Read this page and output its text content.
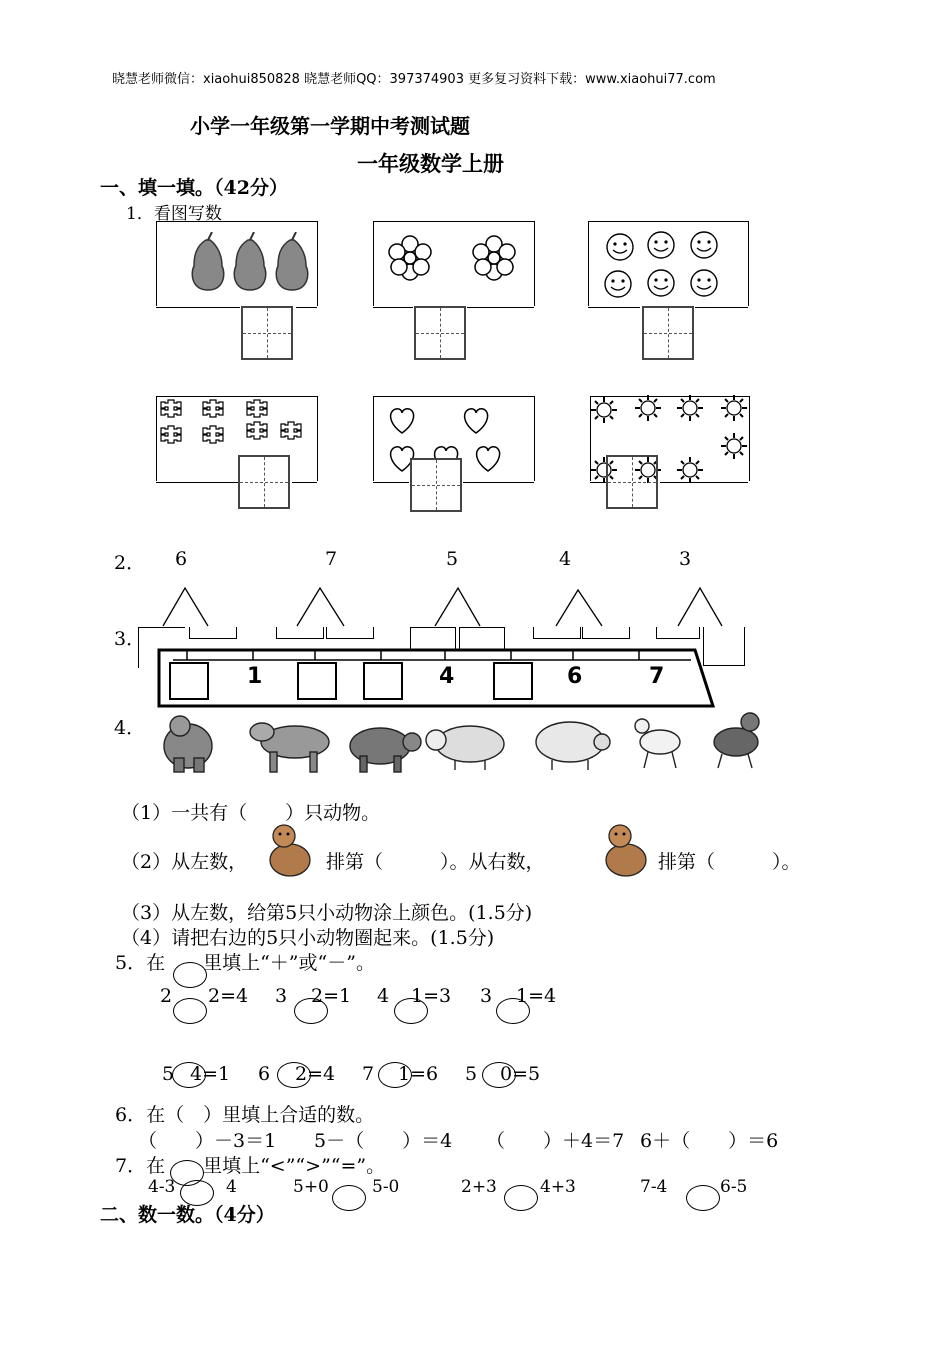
晓慧老师微信：xiaohui850828 晓慧老师QQ：397374903 更多复习资料下载：www.xiaohui77.com
小学一年级第一学期中考测试题
一年级数学上册
一、填一填。（42分）
1．看图写数
2． 6	7	5	4	3
3．
1	4	6	7
4．
（1）一共有（　　）只动物。
（2）从左数，	排第（　　　）。从右数，	排第（　　　）。
（3）从左数，给第5只小动物涂上颜色。(1.5分)
（4）请把右边的5只小动物圈起来。(1.5分)
5．在　　里填上“＋”或“－”。
2 2=4 3 2=1 4 1=3 3 1=4
5 4=1 6 2=4 7 1=6 5 0=5
6．在（　）里填上合适的数。
（　　）－3＝1 5－（　　）＝4 （　　）＋4＝7 6＋（　　）＝6
7．在　　里填上“<”“>”“=”。
4-3	4	5+0	5-0	2+3	4+3	7-4	6-5
二、数一数。（4分）
